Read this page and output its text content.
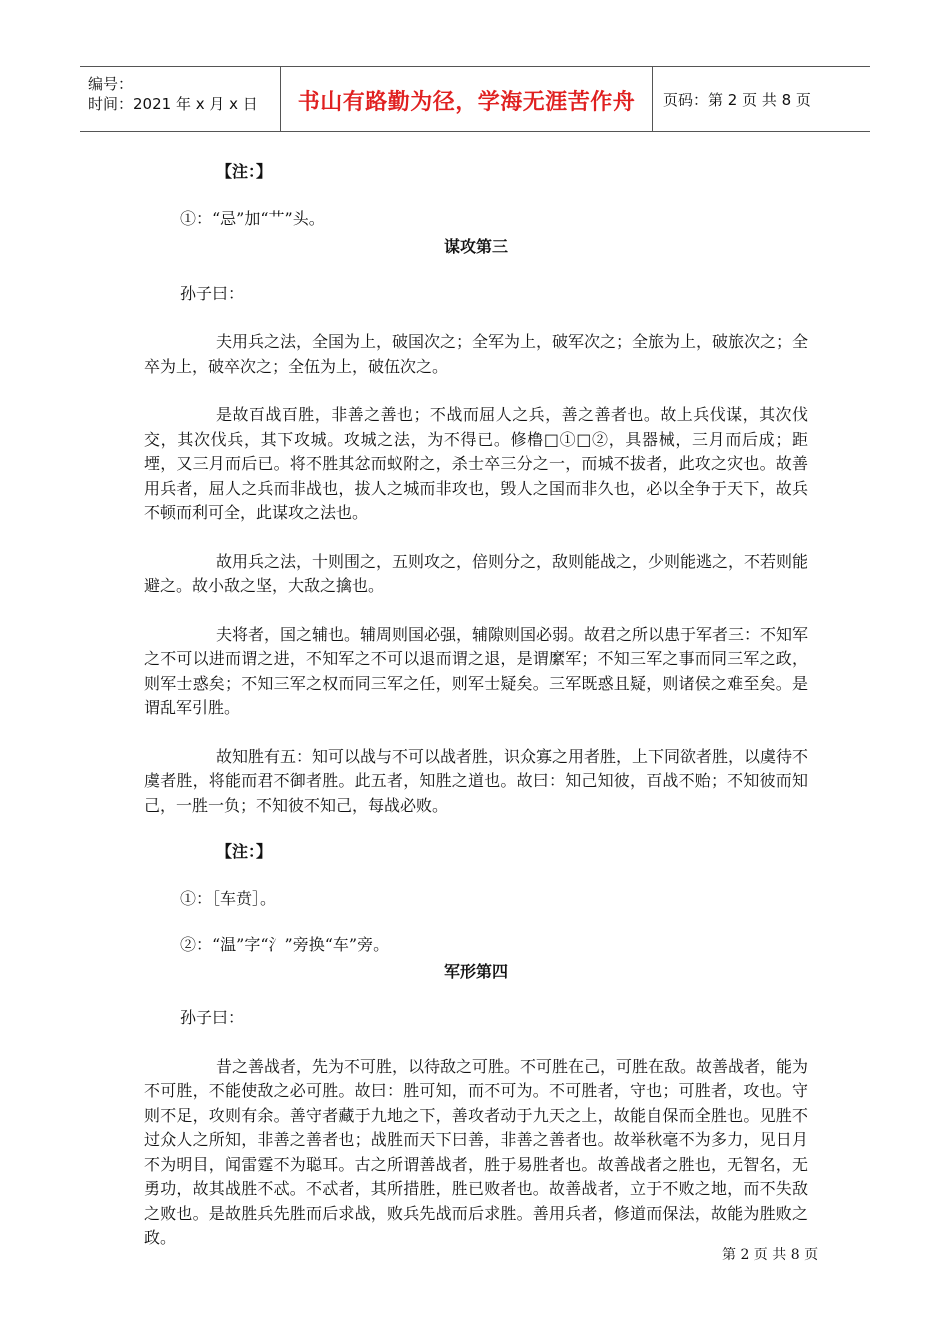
编号：
时间：2021 年 x 月 x 日	书山有路勤为径，学海无涯苦作舟	页码：第 2 页 共 8 页

【注：】

①：“忌”加“艹”头。

谋攻第三

孙子曰：

夫用兵之法，全国为上，破国次之；全军为上，破军次之；全旅为上，破旅次之；全卒为上，破卒次之；全伍为上，破伍次之。

是故百战百胜，非善之善也；不战而屈人之兵，善之善者也。故上兵伐谋，其次伐交，其次伐兵，其下攻城。攻城之法，为不得已。修橹□①□②，具器械，三月而后成；距堙，又三月而后已。将不胜其忿而蚁附之，杀士卒三分之一，而城不拔者，此攻之灾也。故善用兵者，屈人之兵而非战也，拔人之城而非攻也，毁人之国而非久也，必以全争于天下，故兵不顿而利可全，此谋攻之法也。

故用兵之法，十则围之，五则攻之，倍则分之，敌则能战之，少则能逃之，不若则能避之。故小敌之坚，大敌之擒也。

夫将者，国之辅也。辅周则国必强，辅隙则国必弱。故君之所以患于军者三：不知军之不可以进而谓之进，不知军之不可以退而谓之退，是谓縻军；不知三军之事而同三军之政，则军士惑矣；不知三军之权而同三军之任，则军士疑矣。三军既惑且疑，则诸侯之难至矣。是谓乱军引胜。

故知胜有五：知可以战与不可以战者胜，识众寡之用者胜，上下同欲者胜，以虞待不虞者胜，将能而君不御者胜。此五者，知胜之道也。故曰：知己知彼，百战不贻；不知彼而知己，一胜一负；不知彼不知己，每战必败。

【注：】

①：［车贲］。

②：“温”字“氵”旁换“车”旁。

军形第四

孙子曰：

昔之善战者，先为不可胜，以待敌之可胜。不可胜在己，可胜在敌。故善战者，能为不可胜，不能使敌之必可胜。故曰：胜可知，而不可为。不可胜者，守也；可胜者，攻也。守则不足，攻则有余。善守者藏于九地之下，善攻者动于九天之上，故能自保而全胜也。见胜不过众人之所知，非善之善者也；战胜而天下曰善，非善之善者也。故举秋毫不为多力，见日月不为明目，闻雷霆不为聪耳。古之所谓善战者，胜于易胜者也。故善战者之胜也，无智名，无勇功，故其战胜不忒。不忒者，其所措胜，胜已败者也。故善战者，立于不败之地，而不失敌之败也。是故胜兵先胜而后求战，败兵先战而后求胜。善用兵者，修道而保法，故能为胜败之政。

第 2 页 共 8 页
